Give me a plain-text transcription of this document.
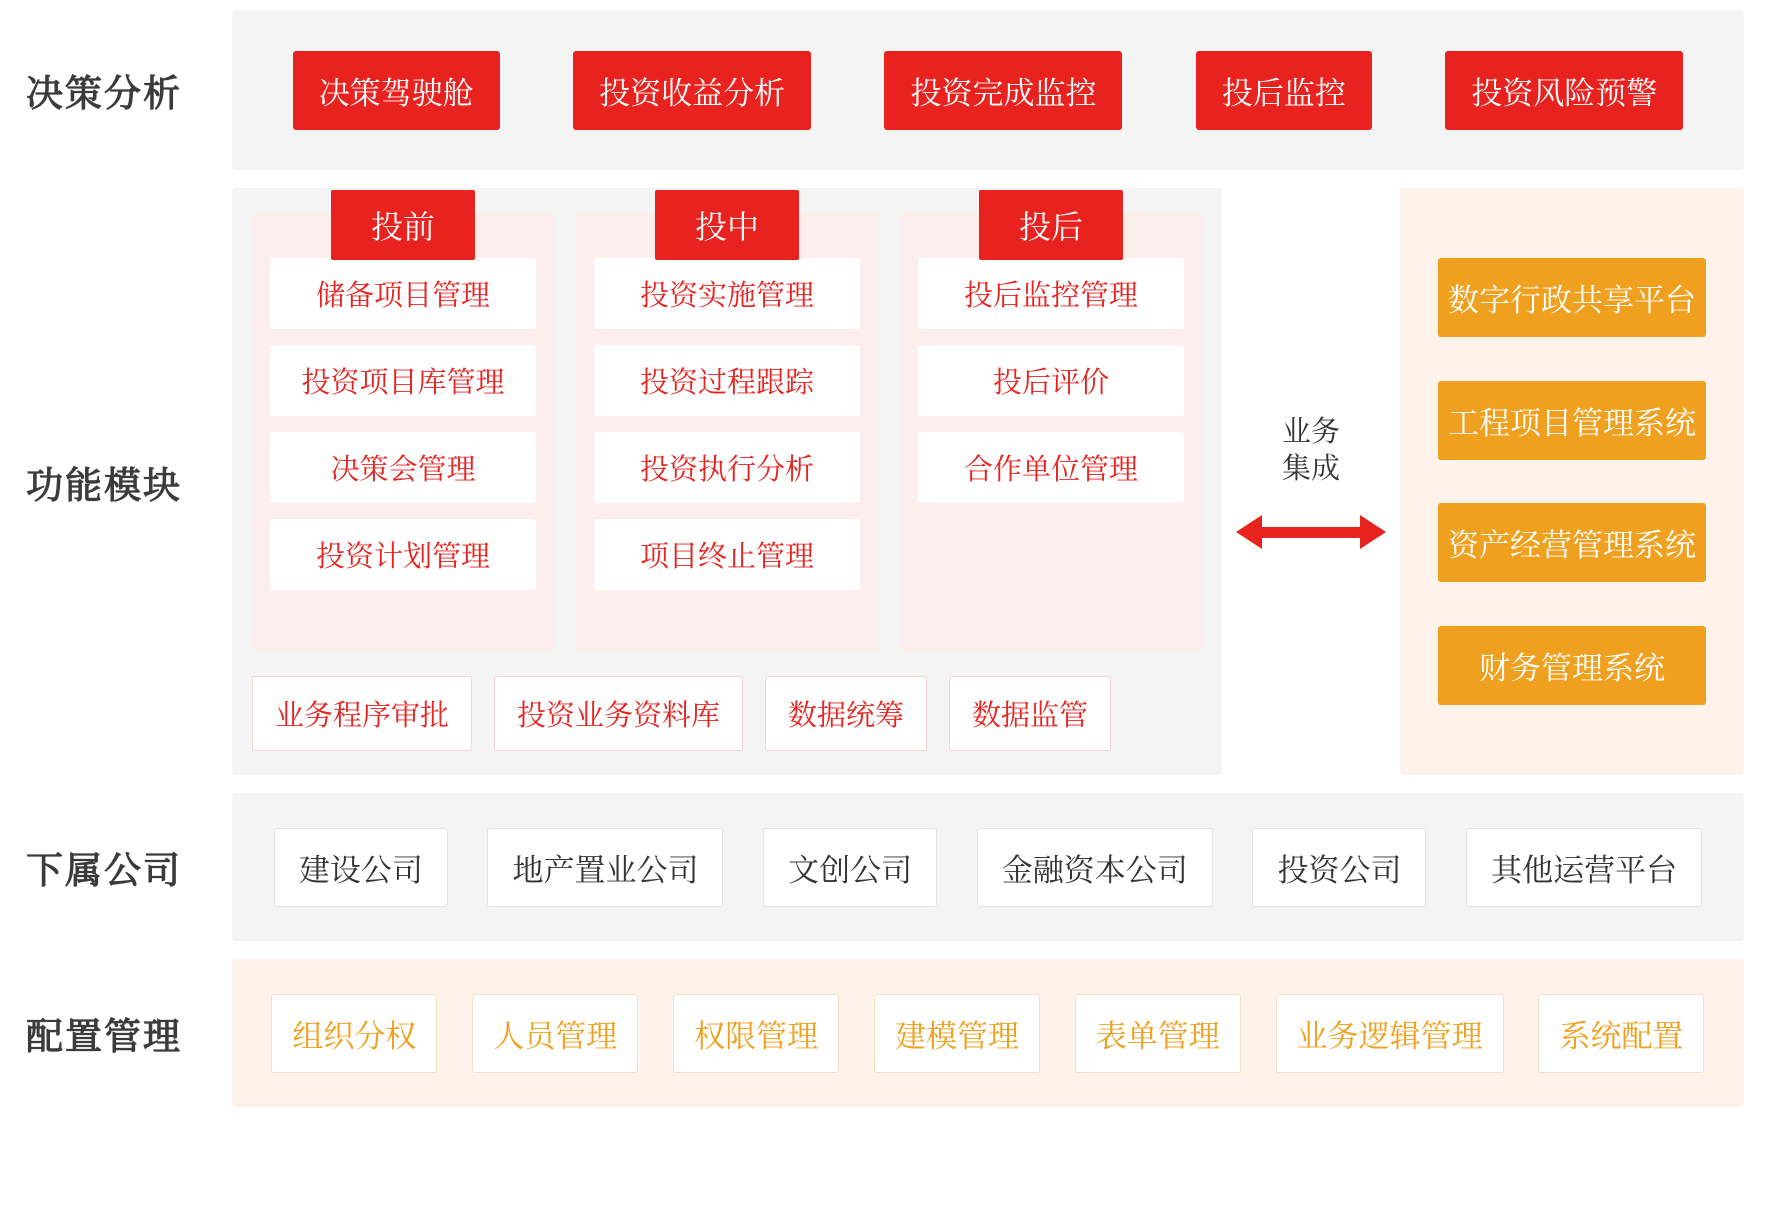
决策分析	决策驾驶舱	投资收益分析	投资完成监控	投后监控	投资风险预警
功能模块
投前
储备项目管理
投资项目库管理
决策会管理
投资计划管理
投中
投资实施管理
投资过程跟踪
投资执行分析
项目终止管理
投后
投后监控管理
投后评价
合作单位管理
业务程序审批	投资业务资料库	数据统筹	数据监管
业务
集成
数字行政共享平台
工程项目管理系统
资产经营管理系统
财务管理系统
下属公司	建设公司	地产置业公司	文创公司	金融资本公司	投资公司	其他运营平台
配置管理	组织分权	人员管理	权限管理	建模管理	表单管理	业务逻辑管理	系统配置
